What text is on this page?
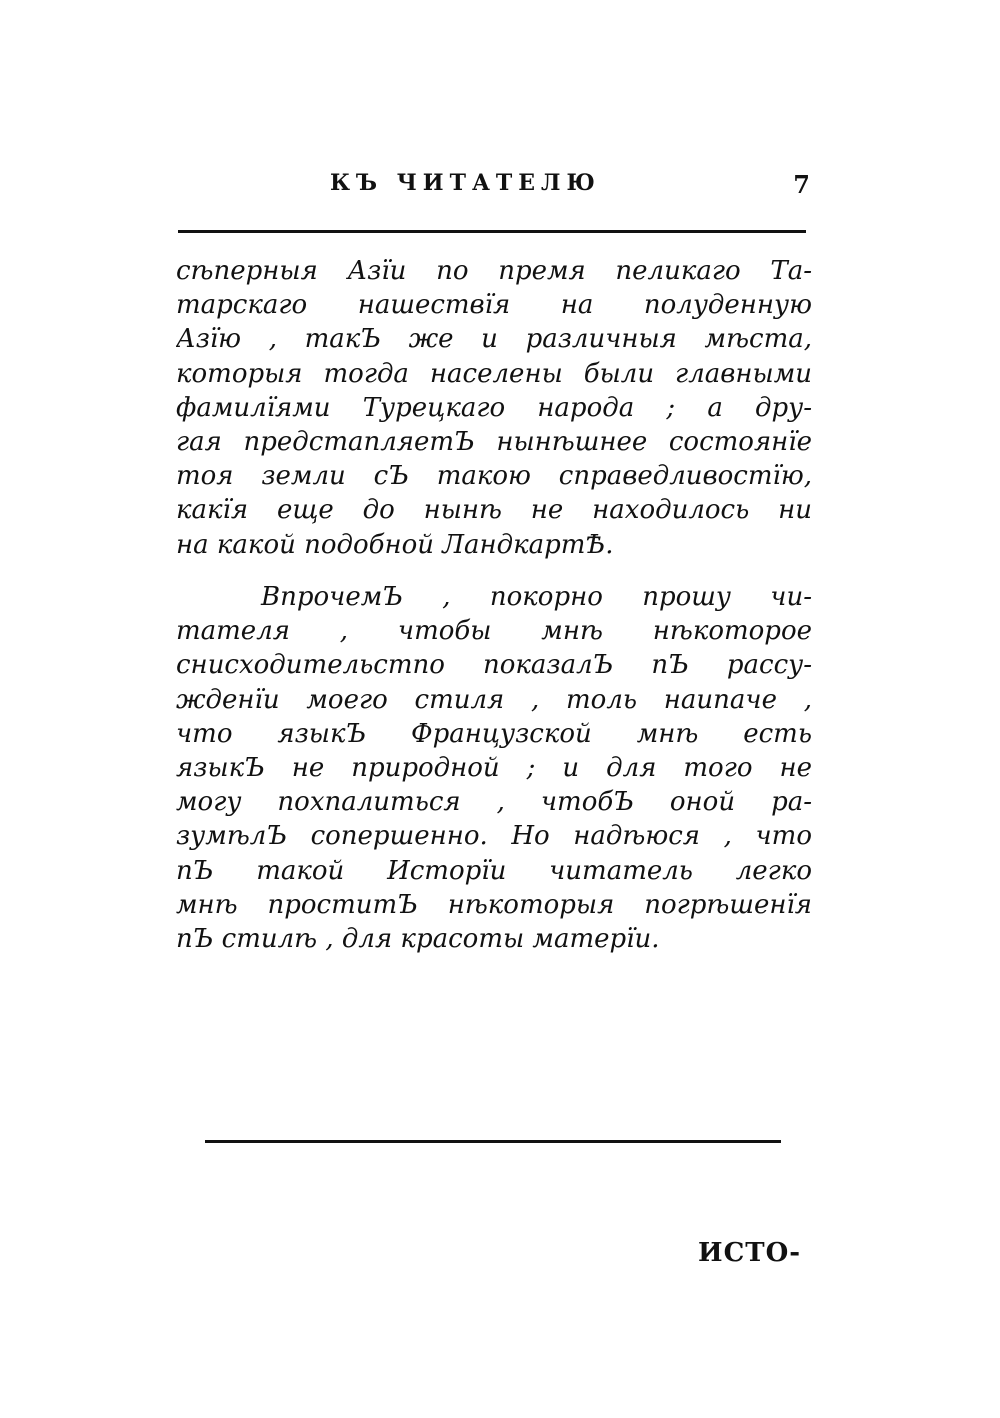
КЪ ЧИТАТЕЛЮ	7
сѣперныя Азïи по премя пеликаго Та-
тарскаго нашествïя на полуденную
Азïю , такЪ же и различныя мѣста,
которыя тогда населены были главными
фамилïями Турецкаго народа ; а дру-
гая предстапляетЪ нынѣшнее состоянïе
тоя земли сЪ такою справедливостïю,
какïя еще до нынѣ не находилось ни
на какой подобной ЛандкартѢ.
ВпрочемЪ , покорно прошу чи-
тателя , чтобы мнѣ нѣкоторое
снисходительстпо показалЪ пЪ рассу-
жденïи моего стиля , толь наипаче ,
что языкЪ Французской мнѣ есть
языкЪ не природной ; и для того не
могу похпалиться , чтобЪ оной ра-
зумѣлЪ сопершенно. Но надѣюся , что
пЪ такой Исторïи читатель легко
мнѣ проститЪ нѣкоторыя погрѣшенïя
пЪ стилѣ , для красоты матерïи.
ИСТО-
